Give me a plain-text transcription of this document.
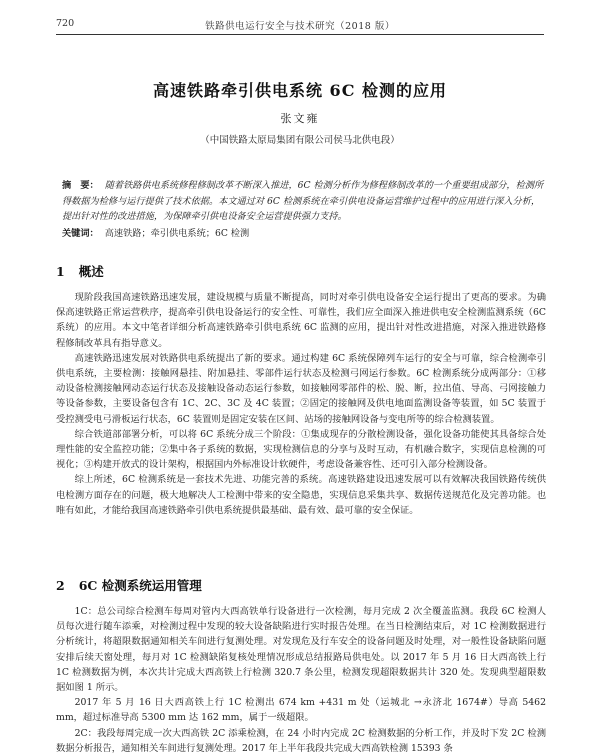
720	铁路供电运行安全与技术研究（2018 版）
高速铁路牵引供电系统 6C 检测的应用
张文雍
（中国铁路太原局集团有限公司侯马北供电段）

摘　要： 随着铁路供电系统修程修制改革不断深入推进，6C 检测分析作为修程修制改革的一个重要组成部分，检测所得数据为检修与运行提供了技术依据。本文通过对 6C 检测系统在牵引供电设备运营维护过程中的应用进行深入分析，提出针对性的改进措施，为保障牵引供电设备安全运营提供强力支持。

关键词： 高速铁路；牵引供电系统；6C 检测

1 概述

现阶段我国高速铁路迅速发展，建设规模与质量不断提高，同时对牵引供电设备安全运行提出了更高的要求。为确保高速铁路正常运营秩序，提高牵引供电设备运行的安全性、可靠性，我们应全面深入推进供电安全检测监测系统（6C 系统）的应用。本文中笔者详细分析高速铁路牵引供电系统 6C 监测的应用，提出针对性改进措施，对深入推进铁路修程修制改革具有指导意义。

高速铁路迅速发展对铁路供电系统提出了新的要求。通过构建 6C 系统保障列车运行的安全与可靠，综合检测牵引供电系统，主要检测：接触网悬挂、附加悬挂、零部件运行状态及检测弓网运行参数。6C 检测系统分成两部分：①移动设备检测接触网动态运行状态及接触设备动态运行参数，如接触网零部件的松、脱、断，拉出值、导高、弓网接触力等设备参数，主要设备包含有 1C、2C、3C 及 4C 装置；②固定的接触网及供电地面监测设备等装置，如 5C 装置于受控测受电弓滑板运行状态，6C 装置则是固定安装在区间、站场的接触网设备与变电所等的综合检测装置。

综合铁道部部署分析，可以将 6C 系统分成三个阶段：①集成现存的分散检测设备，强化设备功能使其具备综合处理性能的安全监控功能；②集中各子系统的数据，实现检测信息的分享与及时互动，有机融合数字，实现信息检测的可视化；③构建开放式的设计架构，根据国内外标准设计软硬件，考虑设备兼容性、还可引入部分检测设备。

综上所述，6C 检测系统是一套技术先进、功能完善的系统。高速铁路建设迅速发展可以有效解决我国铁路传统供电检测方面存在的问题，极大地解决人工检测中带来的安全隐患，实现信息采集共享、数据传送规范化及完善功能。也唯有如此，才能给我国高速铁路牵引供电系统提供最基础、最有效、最可靠的安全保证。

2 6C 检测系统运用管理

1C：总公司综合检测车每周对管内大西高铁单行设备进行一次检测，每月完成 2 次全覆盖监测。我段 6C 检测人员每次进行随车添乘，对检测过程中发现的较大设备缺陷进行实时报告处理。在当日检测结束后，对 1C 检测数据进行分析统计，将超限数据通知相关车间进行复测处理。对发现危及行车安全的设备问题及时处理，对一般性设备缺陷问题安排后续天窗处理，每月对 1C 检测缺陷复核处理情况形成总结报路局供电处。以 2017 年 5 月 16 日大西高铁上行 1C 检测数据为例，本次共计完成大西高铁上行检测 320.7 条公里，检测发现超限数据共计 320 处。发现典型超限数据如图 1 所示。

2017 年 5 月 16 日大西高铁上行 1C 检测出 674 km +431 m 处（运城北 →永济北 1674#）导高 5462 mm，超过标准导高 5300 mm 达 162 mm，属于一级超限。

2C：我段每周完成一次大西高铁 2C 添乘检测，在 24 小时内完成 2C 检测数据的分析工作，并及时下发 2C 检测数据分析报告，通知相关车间进行复测处理。2017 年上半年我段共完成大西高铁检测 15393 条
